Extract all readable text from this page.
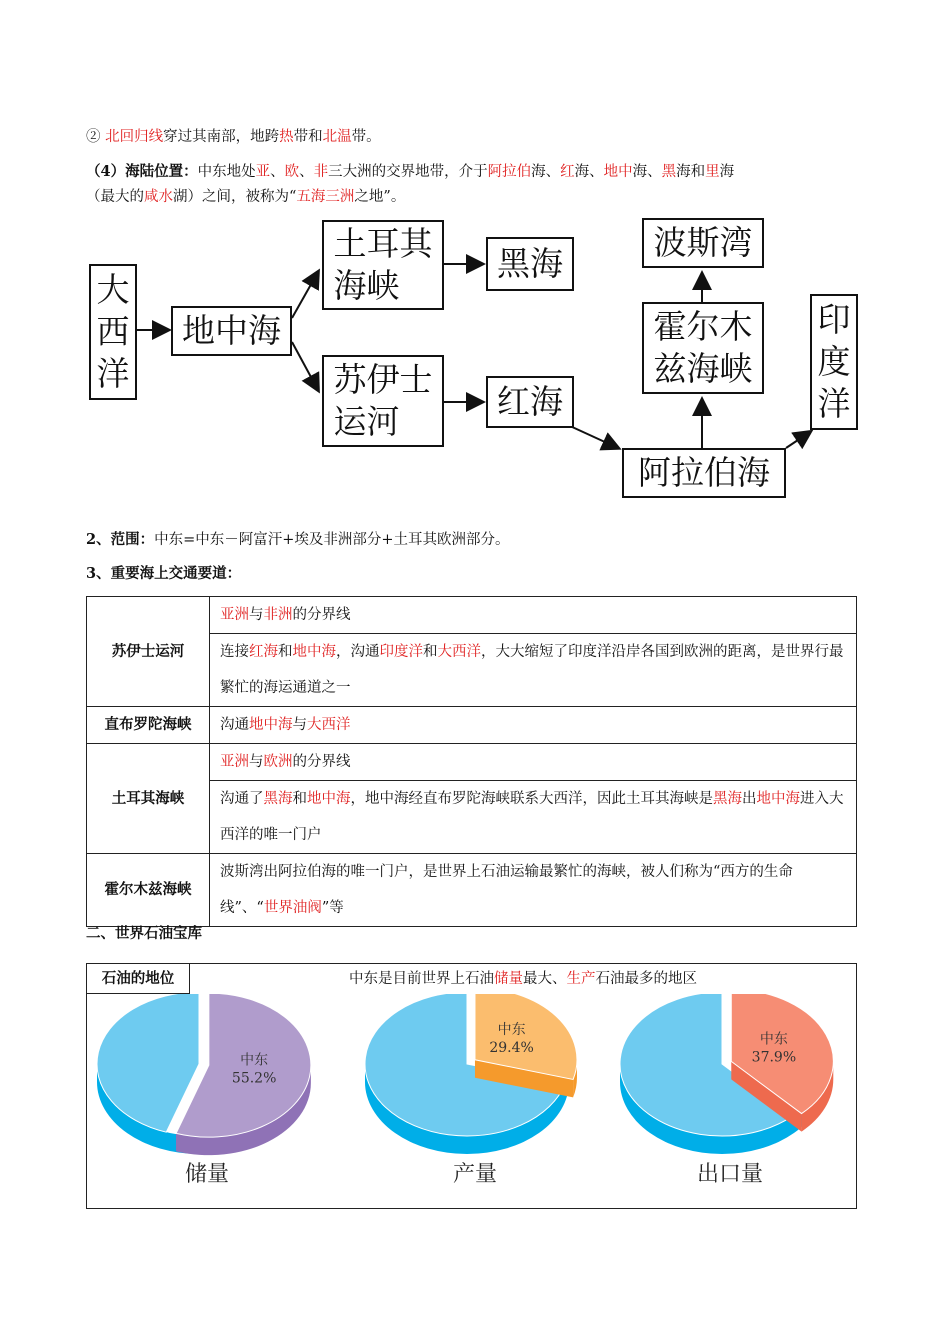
② 北回归线穿过其南部，地跨热带和北温带。

（4）海陆位置：中东地处亚、欧、非三大洲的交界地带，介于阿拉伯海、红海、地中海、黑海和里海

（最大的咸水湖）之间，被称为“五海三洲之地”。

大
西
洋
地中海
土耳其
海峡
黑海
苏伊士
运河
红海
阿拉伯海
霍尔木
兹海峡
波斯湾
印
度
洋

2、范围：中东=中东－阿富汗+埃及非洲部分+土耳其欧洲部分。

3、重要海上交通要道：

苏伊士运河	亚洲与非洲的分界线
	连接红海和地中海，沟通印度洋和大西洋，大大缩短了印度洋沿岸各国到欧洲的距离，是世界行最繁忙的海运通道之一
直布罗陀海峡	沟通地中海与大西洋
土耳其海峡	亚洲与欧洲的分界线
	沟通了黑海和地中海，地中海经直布罗陀海峡联系大西洋，因此土耳其海峡是黑海出地中海进入大西洋的唯一门户
霍尔木兹海峡	波斯湾出阿拉伯海的唯一门户，是世界上石油运输最繁忙的海峡，被人们称为“西方的生命线”、“世界油阀”等

二、世界石油宝库

石油的地位	中东是目前世界上石油储量最大、生产石油最多的地区
中东
55.2%
储量
中东
29.4%
产量
中东
37.9%
出口量
